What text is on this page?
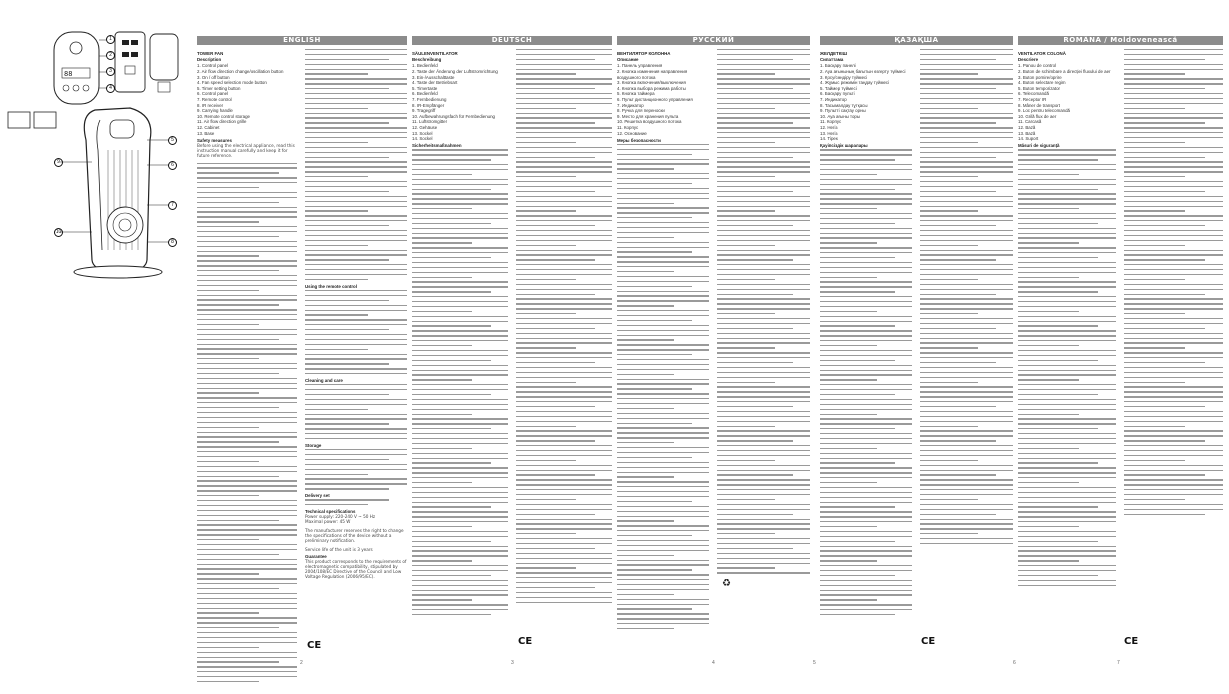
88
1
2
3
4
5
6
7
8
9
10
ENGLISH	DEUTSCH	РУССКИЙ	ҚАЗАҚША	ROMÂNA / Moldovenească
TOWER FAN
Description
1. Control panel
2. Air flow direction change/oscillation button
3. On / off button
4. Fan speed selection mode button
5. Timer setting button
6. Control panel
7. Remote control
8. IR receiver
9. Carrying handle
10. Remote control storage
11. Air flow direction grille
12. Cabinet
13. Base
Safety measures
Before using the electrical appliance, read this instruction manual carefully and keep it for future reference.
Using the remote control
Cleaning and care
Storage
Delivery set
Technical specifications
Power supply: 220-240 V ~ 50 Hz
Maximal power: 45 W
The manufacturer reserves the right to change the specifications of the device without a preliminary notification.
Service life of the unit is 3 years
Guarantee
This product corresponds to the requirements of electromagnetic compatibility, stipulated by 2004/108/EC Directive of the Council and Low Voltage Regulation (2006/95/EC).
SÄULENVENTILATOR
Beschreibung
1. Bedienfeld
2. Taste der Änderung der Luftstromrichtung
3. Ein-/Ausschalttaste
4. Taste der Betriebsart
5. Timertaste
6. Bedienfeld
7. Fernbedienung
8. IR-Empfänger
9. Tragegriff
10. Aufbewahrungsfach für Fernbedienung
11. Luftstromgitter
12. Gehäuse
13. Sockel
14. Sockel
Sicherheitsmaßnahmen
ВЕНТИЛЯТОР КОЛОННА
Описание
1. Панель управления
2. Кнопка изменения направления воздушного потока
3. Кнопка включения/выключения
4. Кнопка выбора режима работы
5. Кнопка таймера
6. Пульт дистанционного управления
7. Индикатор
8. Ручка для переноски
9. Место для хранения пульта
10. Решетка воздушного потока
11. Корпус
12. Основание
Меры безопасности
ЖЕЛДЕТКІШ
Сипаттама
1. Басқару панелі
2. Ауа ағынының бағытын өзгерту түймесі
3. Қосу/сөндіру түймесі
4. Жұмыс режимін таңдау түймесі
5. Таймер түймесі
6. Басқару пульті
7. Индикатор
8. Тасымалдау тұтқасы
9. Пультті сақтау орны
10. Ауа ағыны торы
11. Корпус
12. Негіз
13. Негіз
14. Тірек
Қауіпсіздік шаралары
VENTILATOR COLONĂ
Descriere
1. Panou de control
2. Buton de schimbare a direcției fluxului de aer
3. Buton pornire/oprire
4. Buton selectare regim
5. Buton temporizator
6. Telecomandă
7. Receptor IR
8. Mâner de transport
9. Loc pentru telecomandă
10. Grilă flux de aer
11. Carcasă
12. Bază
13. Bază
14. Suport
Măsuri de siguranță
CE	CE	CE	CE
♻
2	3	4	5	6	7
